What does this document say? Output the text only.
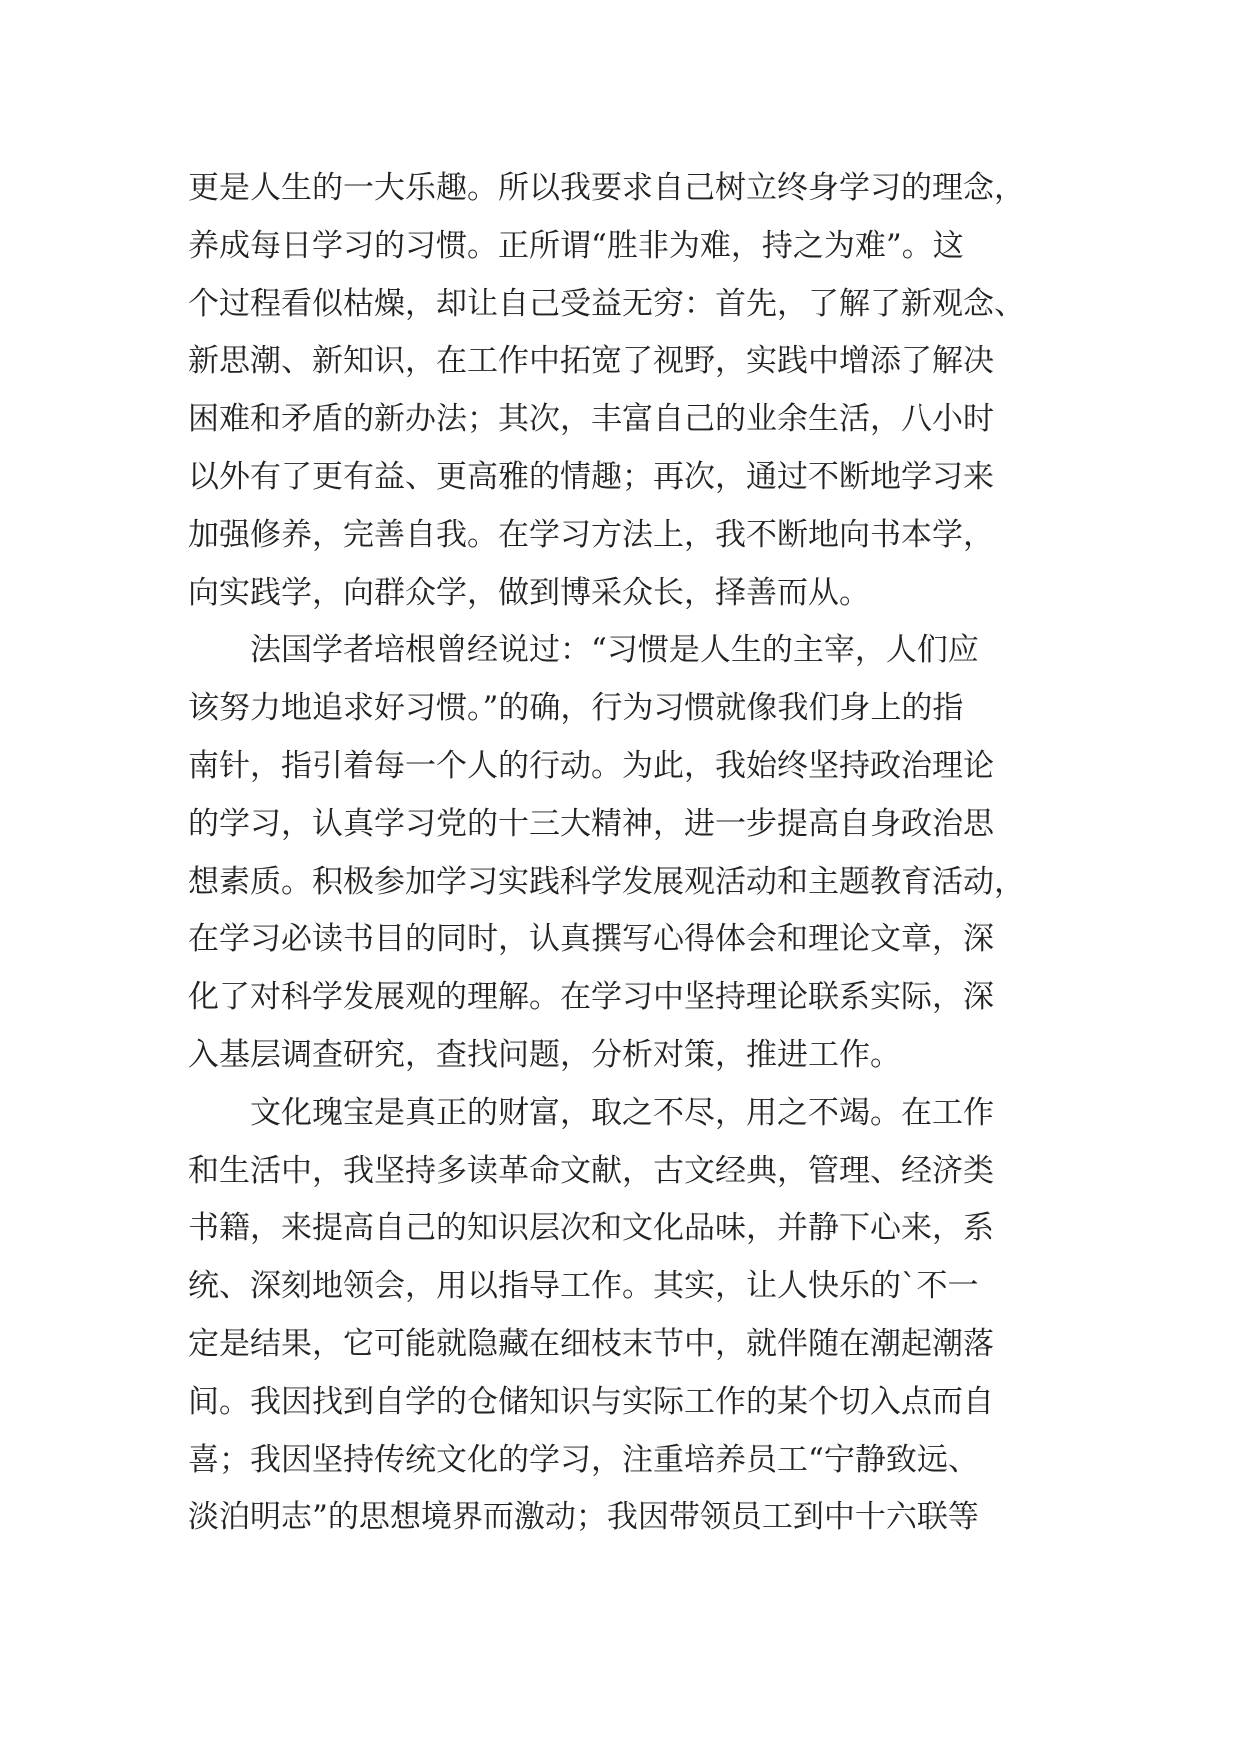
更是人生的一大乐趣。所以我要求自己树立终身学习的理念，
养成每日学习的习惯。正所谓“胜非为难，持之为难”。这
个过程看似枯燥，却让自己受益无穷：首先，了解了新观念、
新思潮、新知识，在工作中拓宽了视野，实践中增添了解决
困难和矛盾的新办法；其次，丰富自己的业余生活，八小时
以外有了更有益、更高雅的情趣；再次，通过不断地学习来
加强修养，完善自我。在学习方法上，我不断地向书本学，
向实践学，向群众学，做到博采众长，择善而从。
　　法国学者培根曾经说过：“习惯是人生的主宰，人们应
该努力地追求好习惯。”的确，行为习惯就像我们身上的指
南针，指引着每一个人的行动。为此，我始终坚持政治理论
的学习，认真学习党的十三大精神，进一步提高自身政治思
想素质。积极参加学习实践科学发展观活动和主题教育活动，
在学习必读书目的同时，认真撰写心得体会和理论文章，深
化了对科学发展观的理解。在学习中坚持理论联系实际，深
入基层调查研究，查找问题，分析对策，推进工作。
　　文化瑰宝是真正的财富，取之不尽，用之不竭。在工作
和生活中，我坚持多读革命文献，古文经典，管理、经济类
书籍，来提高自己的知识层次和文化品味，并静下心来，系
统、深刻地领会，用以指导工作。其实，让人快乐的`不一
定是结果，它可能就隐藏在细枝末节中，就伴随在潮起潮落
间。我因找到自学的仓储知识与实际工作的某个切入点而自
喜；我因坚持传统文化的学习，注重培养员工“宁静致远、
淡泊明志”的思想境界而激动；我因带领员工到中十六联等
